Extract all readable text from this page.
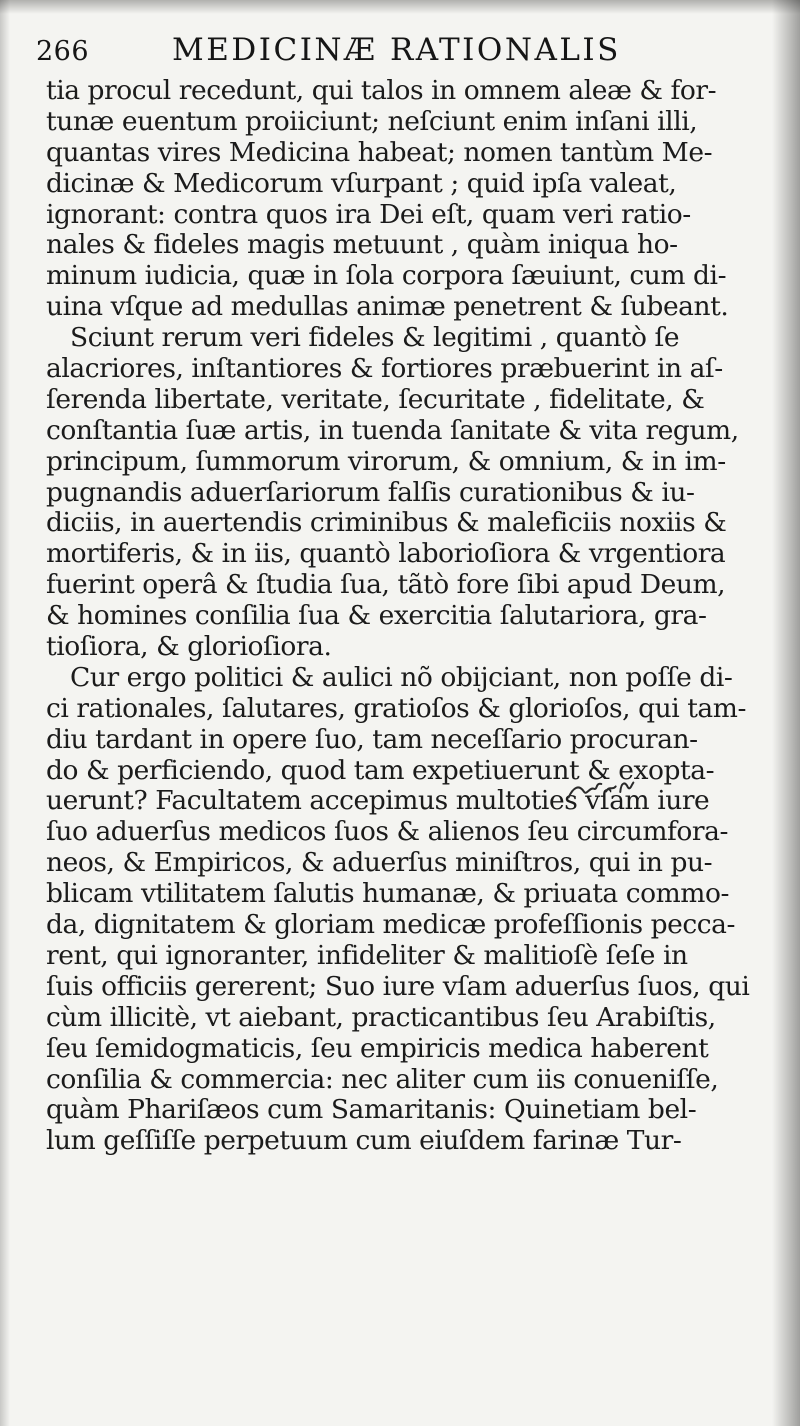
266	MEDICINÆ RATIONALIS
tia procul recedunt, qui talos in omnem aleæ & for-
tunæ euentum proiiciunt; neſciunt enim inſani illi,
quantas vires Medicina habeat; nomen tantùm Me-
dicinæ & Medicorum vſurpant ; quid ipſa valeat,
ignorant: contra quos ira Dei eſt, quam veri ratio-
nales & fideles magis metuunt , quàm iniqua ho-
minum iudicia, quæ in ſola corpora ſæuiunt, cum di-
uina vſque ad medullas animæ penetrent & ſubeant.
Sciunt rerum veri fideles & legitimi , quantò ſe
alacriores, inſtantiores & fortiores præbuerint in aſ-
ſerenda libertate, veritate, ſecuritate , fidelitate, &
conſtantia ſuæ artis, in tuenda ſanitate & vita regum,
principum, ſummorum virorum, & omnium, & in im-
pugnandis aduerſariorum falſis curationibus & iu-
diciis, in auertendis criminibus & maleficiis noxiis &
mortiferis, & in iis, quantò laborioſiora & vrgentiora
fuerint operâ & ſtudia ſua, tãtò fore ſibi apud Deum,
& homines conſilia ſua & exercitia ſalutariora, gra-
tioſiora, & glorioſiora.
Cur ergo politici & aulici nõ obijciant, non poſſe di-
ci rationales, ſalutares, gratioſos & glorioſos, qui tam-
diu tardant in opere ſuo, tam neceſſario procuran-
do & perficiendo, quod tam expetiuerunt & exopta-
uerunt? Facultatem accepimus multoties vſam iure
ſuo aduerſus medicos ſuos & alienos ſeu circumfora-
neos, & Empiricos, & aduerſus miniſtros, qui in pu-
blicam vtilitatem ſalutis humanæ, & priuata commo-
da, dignitatem & gloriam medicæ profeſſionis pecca-
rent, qui ignoranter, infideliter & malitioſè ſeſe in
ſuis officiis gererent; Suo iure vſam aduerſus ſuos, qui
cùm illicitè, vt aiebant, practicantibus ſeu Arabiſtis,
ſeu ſemidogmaticis, ſeu empiricis medica haberent
conſilia & commercia: nec aliter cum iis conueniſſe,
quàm Phariſæos cum Samaritanis: Quinetiam bel-
lum geſſiſſe perpetuum cum eiuſdem farinæ Tur-
